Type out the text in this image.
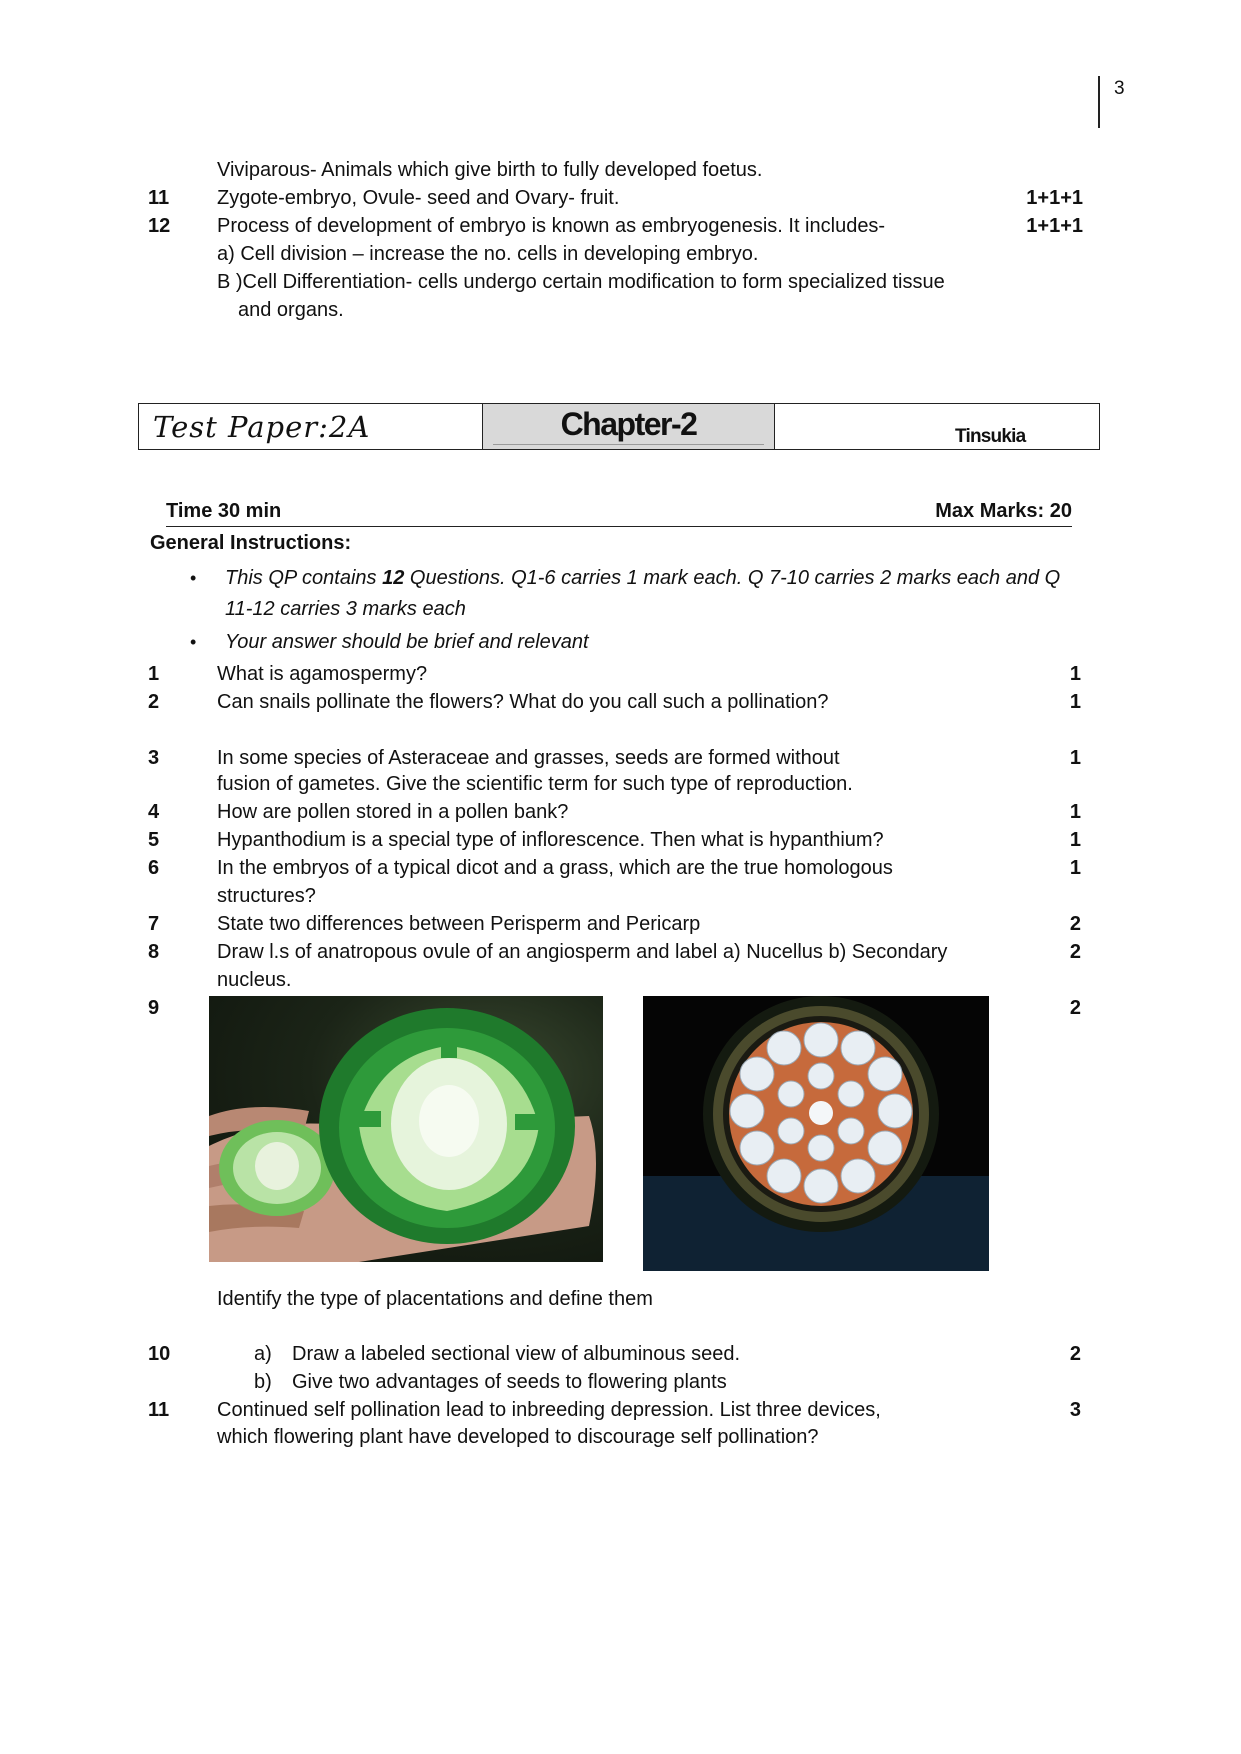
3
Viviparous- Animals which give birth to fully developed foetus.
11 Zygote-embryo, Ovule- seed and Ovary- fruit.	1+1+1
12 Process of development of embryo is known as embryogenesis. It includes-	1+1+1
a) Cell division – increase the no. cells in developing embryo.
B )Cell Differentiation- cells undergo certain modification to form specialized tissue
and organs.
Test Paper:2A	Chapter-2	Tinsukia
Time 30 min	Max Marks: 20
General Instructions:
• This QP contains 12 Questions. Q1-6 carries 1 mark each. Q 7-10 carries 2 marks each and Q
11-12 carries 3 marks each
• Your answer should be brief and relevant
1	What is agamospermy?	1
2	Can snails pollinate the flowers? What do you call such a pollination?	1
3	In some species of Asteraceae and grasses, seeds are formed without	1
fusion of gametes. Give the scientific term for such type of reproduction.
4	How are pollen stored in a pollen bank?	1
5	Hypanthodium is a special type of inflorescence. Then what is hypanthium?	1
6	In the embryos of a typical dicot and a grass, which are the true homologous	1
structures?
7	State two differences between Perisperm and Pericarp	2
8	Draw l.s of anatropous ovule of an angiosperm and label a) Nucellus b) Secondary	2
nucleus.
9	2
Identify the type of placentations and define them
10	a) Draw a labeled sectional view of albuminous seed.	2
b) Give two advantages of seeds to flowering plants
11 Continued self pollination lead to inbreeding depression. List three devices,	3
which flowering plant have developed to discourage self pollination?
